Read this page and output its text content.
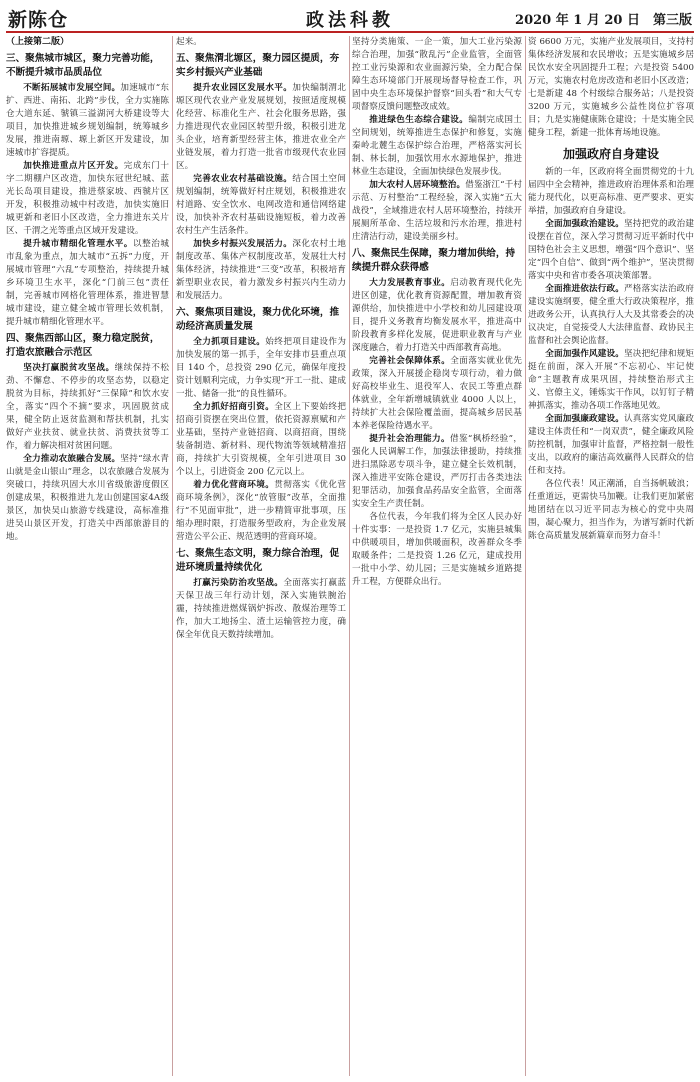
新陈仓	政法科教	2020 年 1 月 20 日　第三版

（上接第二版）

三、聚焦城市城区，聚力完善功能，不断提升城市品质品位

不断拓展城市发展空间。加速城市“东扩、西进、南拓、北跨”步伐，全力实施陈仓大道东延、虢镇三溢湖河大桥建设等大项目，加快推进城乡规划编制，统筹城乡发展，推进南塬、塬上新区开发建设，加速城市扩容提质。

加快推进重点片区开发。完成东门十字二期棚户区改造，加快东冠世纪城、蓝光长岛项目建设，推进蔡家坡、西虢片区开发，积极推动城中村改造，加快实施旧城更新和老旧小区改造，全力推进东关片区、千渭之光等重点区域开发建设。

提升城市精细化管理水平。以整治城市乱象为重点，加大城市“五拆”力度，开展城市管理“六乱”专项整治，持续提升城乡环境卫生水平，深化“门前三包”责任制，完善城市网格化管理体系，推进智慧城市建设，建立健全城市管理长效机制，提升城市精细化管理水平。

四、聚焦西部山区，聚力稳定脱贫，打造农旅融合示范区

坚决打赢脱贫攻坚战。继续保持不松劲、不懈怠、不停步的攻坚态势，以稳定脱贫为目标，持续抓好“三保障”和饮水安全，落实“四个不摘”要求，巩固脱贫成果，健全防止返贫监测和帮扶机制，扎实做好产业扶贫、就业扶贫、消费扶贫等工作，着力解决相对贫困问题。

全力推动农旅融合发展。坚持“绿水青山就是金山银山”理念，以农旅融合发展为突破口，持续巩固大水川省级旅游度假区创建成果，积极推进九龙山创建国家4A级景区，加快吴山旅游专线建设，高标准推进吴山景区开发，打造关中西部旅游目的地。

起来。

五、聚焦渭北塬区，聚力园区提质，夯实乡村振兴产业基础

提升农业园区发展水平。加快编制渭北塬区现代农业产业发展规划，按照适度规模化经营、标准化生产、社会化服务思路，强力推进现代农业园区转型升级，积极引进龙头企业，培育新型经营主体，推进农业全产业链发展，着力打造一批省市级现代农业园区。

完善农业农村基础设施。结合国土空间规划编制，统筹做好村庄规划，积极推进农村道路、安全饮水、电网改造和通信网络建设，加快补齐农村基础设施短板，着力改善农村生产生活条件。

加快乡村振兴发展活力。深化农村土地制度改革、集体产权制度改革，发展壮大村集体经济，持续推进“三变”改革，积极培育新型职业农民，着力激发乡村振兴内生动力和发展活力。

六、聚焦项目建设，聚力优化环境，推动经济高质量发展

全力抓项目建设。始终把项目建设作为加快发展的第一抓手，全年安排市县重点项目 140 个，总投资 290 亿元，确保年度投资计划顺利完成，力争实现“开工一批、建成一批、储备一批”的良性循环。

全力抓好招商引资。全区上下要始终把招商引资摆在突出位置，依托资源禀赋和产业基础，坚持产业链招商、以商招商，围绕装备制造、新材料、现代物流等领域精准招商，持续扩大引资规模，全年引进项目 30 个以上，引进资金 200 亿元以上。

着力优化营商环境。贯彻落实《优化营商环境条例》，深化“放管服”改革，全面推行“不见面审批”，进一步精简审批事项，压缩办理时限，打造服务型政府，为企业发展营造公平公正、规范透明的营商环境。

七、聚焦生态文明，聚力综合治理，促进环境质量持续优化

打赢污染防治攻坚战。全面落实打赢蓝天保卫战三年行动计划，深入实施铁腕治霾，持续推进燃煤锅炉拆改、散煤治理等工作，加大工地扬尘、渣土运输管控力度，确保全年优良天数持续增加。

坚持分类施策、一企一策，加大工业污染源综合治理，加强“散乱污”企业监管，全面管控工业污染源和农业面源污染，全力配合保障生态环境部门开展现场督导检查工作，巩固中央生态环境保护督察“回头看”和大气专项督察反馈问题整改成效。

推进绿色生态综合建设。编制完成国土空间规划，统筹推进生态保护和修复，实施秦岭北麓生态保护综合治理，严格落实河长制、林长制，加强饮用水水源地保护，推进林业生态建设，全面加快绿色发展步伐。

加大农村人居环境整治。借鉴浙江“千村示范、万村整治”工程经验，深入实施“五大战役”，全域推进农村人居环境整治，持续开展厕所革命、生活垃圾和污水治理，推进村庄清洁行动，建设美丽乡村。

八、聚焦民生保障，聚力增加供给，持续提升群众获得感

大力发展教育事业。启动教育现代化先进区创建，优化教育资源配置，增加教育资源供给，加快推进中小学校和幼儿园建设项目，提升义务教育均衡发展水平，推进高中阶段教育多样化发展，促进职业教育与产业深度融合，着力打造关中西部教育高地。

完善社会保障体系。全面落实就业优先政策，深入开展援企稳岗专项行动，着力做好高校毕业生、退役军人、农民工等重点群体就业，全年新增城镇就业 4000 人以上，持续扩大社会保险覆盖面，提高城乡居民基本养老保险待遇水平。

提升社会治理能力。借鉴“枫桥经验”，强化人民调解工作，加强法律援助，持续推进扫黑除恶专项斗争，建立健全长效机制，深入推进平安陈仓建设，严厉打击各类违法犯罪活动，加强食品药品安全监管，全面落实安全生产责任制。

各位代表，今年我们将为全区人民办好十件实事：一是投资 1.7 亿元，实施县城集中供暖项目，增加供暖面积，改善群众冬季取暖条件；二是投资 1.26 亿元，建成投用一批中小学、幼儿园；三是实施城乡道路提升工程，方便群众出行。

资 6600 万元，实施产业发展项目，支持村集体经济发展和农民增收；五是实施城乡居民饮水安全巩固提升工程；六是投资 5400 万元，实施农村危房改造和老旧小区改造；七是新建 48 个村级综合服务站；八是投资 3200 万元，实施城乡公益性岗位扩容项目；九是实施健康陈仓建设；十是实施全民健身工程，新建一批体育场地设施。

加强政府自身建设

新的一年，区政府将全面贯彻党的十九届四中全会精神，推进政府治理体系和治理能力现代化，以更高标准、更严要求、更实举措，加强政府自身建设。

全面加强政治建设。坚持把党的政治建设摆在首位，深入学习贯彻习近平新时代中国特色社会主义思想，增强“四个意识”、坚定“四个自信”、做到“两个维护”，坚决贯彻落实中央和省市委各项决策部署。

全面推进依法行政。严格落实法治政府建设实施纲要，健全重大行政决策程序，推进政务公开，认真执行人大及其常委会的决议决定，自觉接受人大法律监督、政协民主监督和社会舆论监督。

全面加强作风建设。坚决把纪律和规矩挺在前面，深入开展“不忘初心、牢记使命”主题教育成果巩固，持续整治形式主义、官僚主义，锤炼实干作风，以钉钉子精神抓落实，推动各项工作落地见效。

全面加强廉政建设。认真落实党风廉政建设主体责任和“一岗双责”，健全廉政风险防控机制，加强审计监督，严格控制一般性支出，以政府的廉洁高效赢得人民群众的信任和支持。

各位代表！风正潮涌，自当扬帆破浪；任重道远，更需快马加鞭。让我们更加紧密地团结在以习近平同志为核心的党中央周围，凝心聚力，担当作为，为谱写新时代新陈仓高质量发展新篇章而努力奋斗！
